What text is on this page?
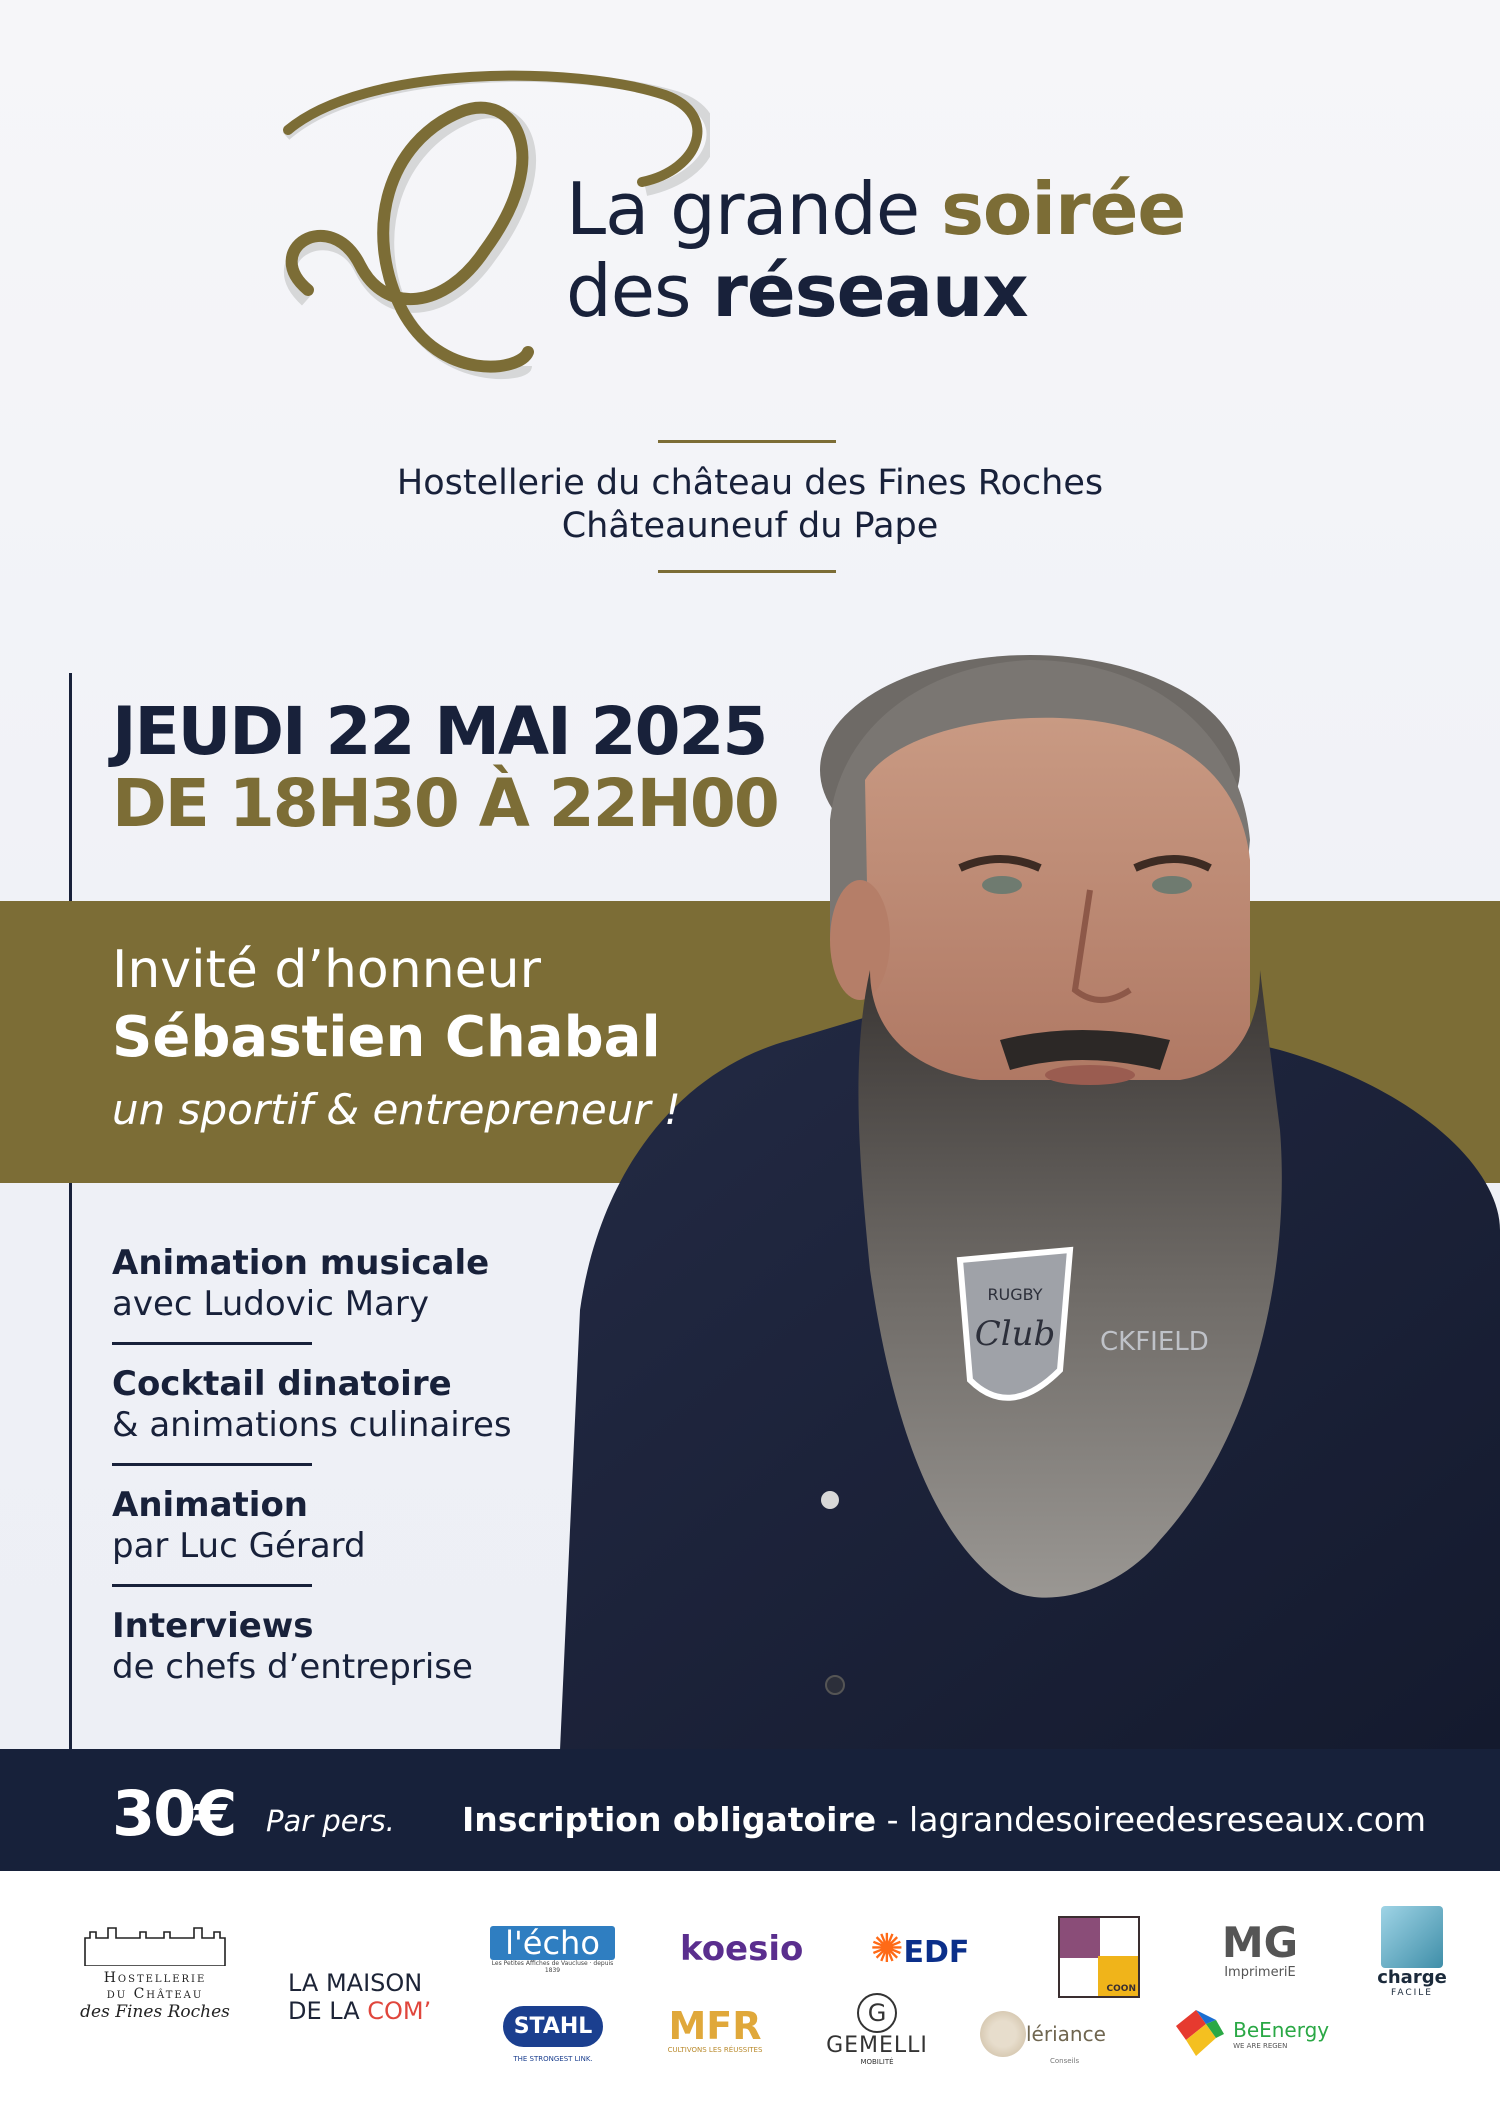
La grande soirée
des réseaux
Hostellerie du château des Fines Roches
Châteauneuf du Pape
JEUDI 22 MAI 2025
DE 18H30 À 22H00
RUGBY
Club CKFIELD
Invité d’honneur
Sébastien Chabal
un sportif & entrepreneur !
Animation musicale
avec Ludovic Mary
Cocktail dinatoire
& animations culinaires
Animation
par Luc Gérard
Interviews
de chefs d’entreprise
30€ Par pers. Inscription obligatoire - lagrandesoireedesreseaux.com
Hostellerie
du Château
des Fines Roches
LA MAISON
DE LA COM’
l'écho
Les Petites Affiches de Vaucluse · depuis 1839
koesio ✺EDF
COON
MG
ImprimeriE	charge
FACILE
STAHL
THE STRONGEST LINK.
MFR
CULTIVONS LES RÉUSSITES
G
GEMELLI
MOBILITÉ
lériance
Conseils

BeEnergy
WE ARE REGEN
